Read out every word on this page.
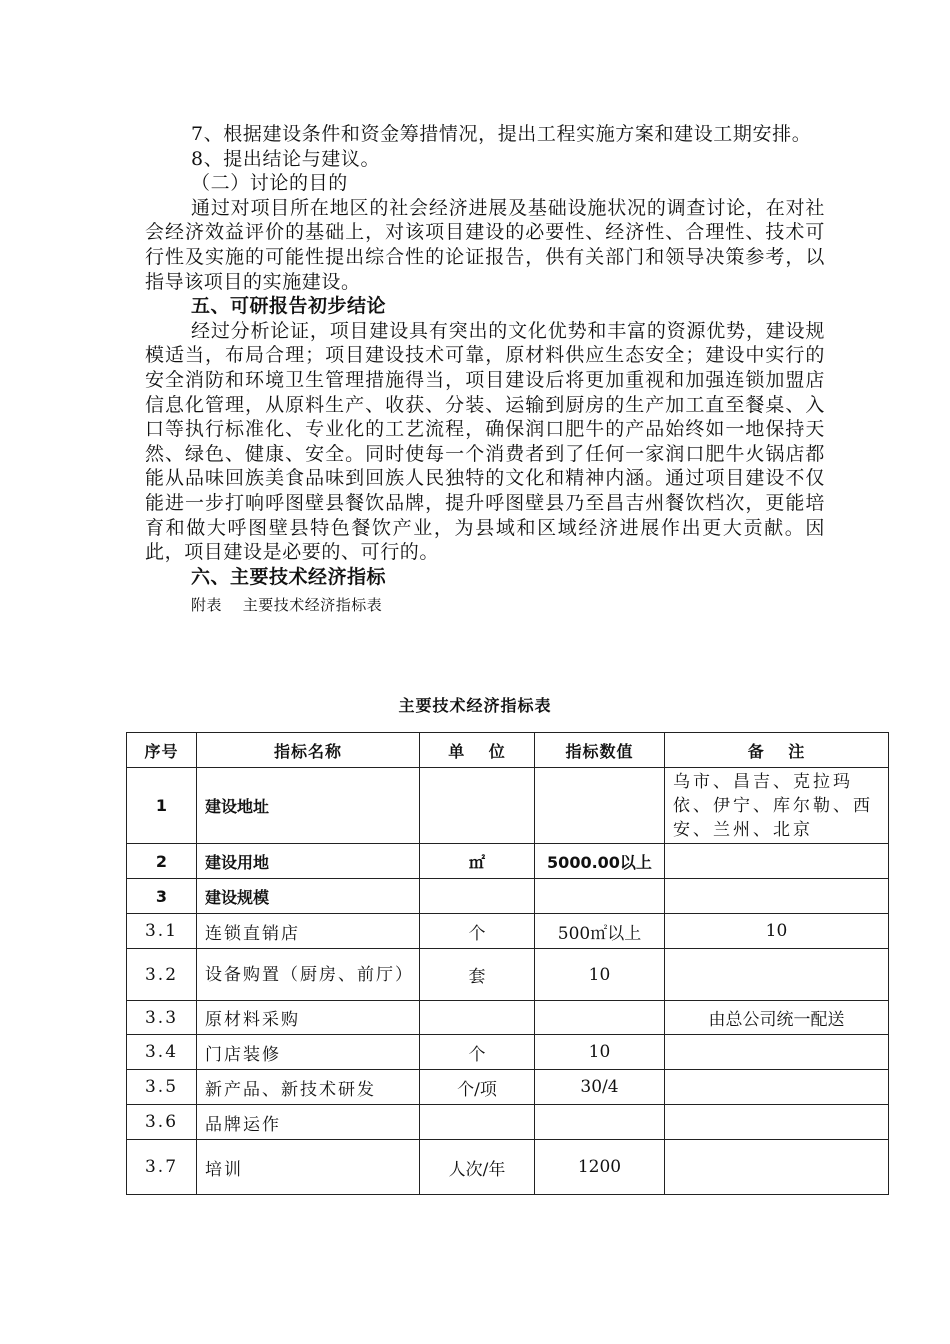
7、根据建设条件和资金筹措情况，提出工程实施方案和建设工期安排。

8、提出结论与建议。

（二）讨论的目的

通过对项目所在地区的社会经济进展及基础设施状况的调查讨论，在对社会经济效益评价的基础上，对该项目建设的必要性、经济性、合理性、技术可行性及实施的可能性提出综合性的论证报告，供有关部门和领导决策参考，以指导该项目的实施建设。

五、可研报告初步结论

经过分析论证，项目建设具有突出的文化优势和丰富的资源优势，建设规模适当，布局合理；项目建设技术可靠，原材料供应生态安全；建设中实行的安全消防和环境卫生管理措施得当，项目建设后将更加重视和加强连锁加盟店信息化管理，从原料生产、收获、分装、运输到厨房的生产加工直至餐桌、入口等执行标准化、专业化的工艺流程，确保润口肥牛的产品始终如一地保持天然、绿色、健康、安全。同时使每一个消费者到了任何一家润口肥牛火锅店都能从品味回族美食品味到回族人民独特的文化和精神内涵。通过项目建设不仅能进一步打响呼图壁县餐饮品牌，提升呼图壁县乃至昌吉州餐饮档次，更能培育和做大呼图壁县特色餐饮产业，为县域和区域经济进展作出更大贡献。因此，项目建设是必要的、可行的。

六、主要技术经济指标

附表　 主要技术经济指标表

主要技术经济指标表
序号	指标名称	单　 位	指标数值	备　 注
1	建设地址			乌市、昌吉、克拉玛依、伊宁、库尔勒、西安、兰州、北京
2	建设用地	㎡	5000.00以上	
3	建设规模			
3.1	连锁直销店	个	500㎡以上	10
3.2	设备购置（厨房、前厅）	套	10	
3.3	原材料采购			由总公司统一配送
3.4	门店装修	个	10	
3.5	新产品、新技术研发	个/项	30/4	
3.6	品牌运作			
3.7	培训	人次/年	1200	
